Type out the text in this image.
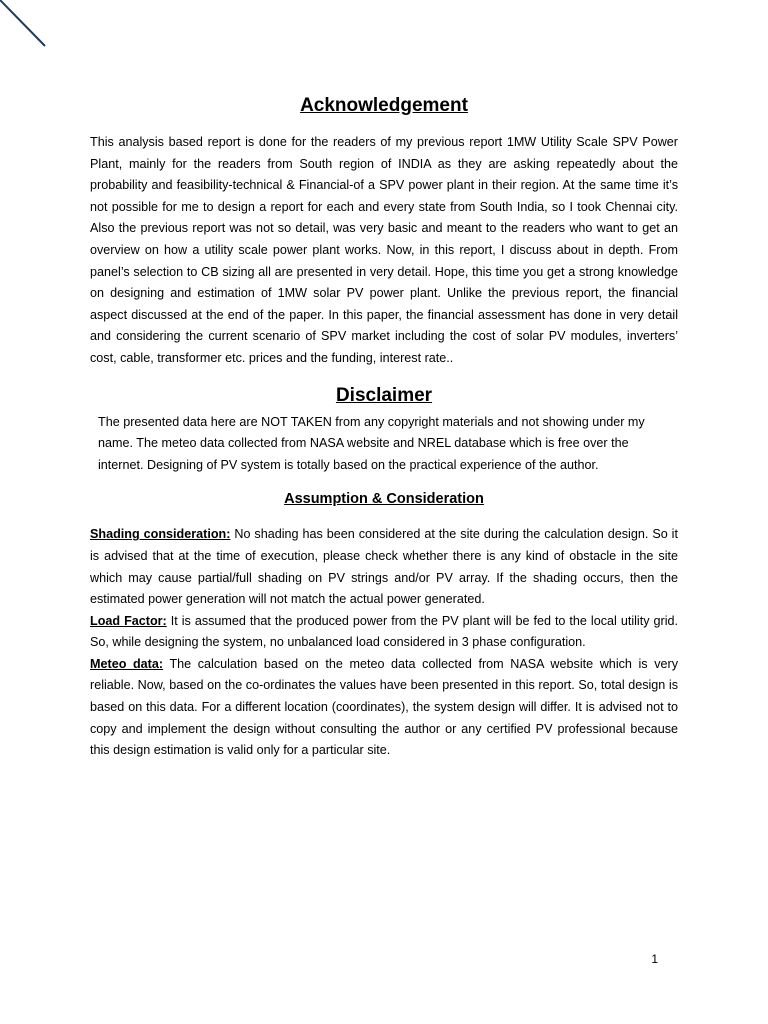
Acknowledgement

This analysis based report is done for the readers of my previous report 1MW Utility Scale SPV Power Plant, mainly for the readers from South region of INDIA as they are asking repeatedly about the probability and feasibility-technical & Financial-of a SPV power plant in their region. At the same time it’s not possible for me to design a report for each and every state from South India, so I took Chennai city. Also the previous report was not so detail, was very basic and meant to the readers who want to get an overview on how a utility scale power plant works. Now, in this report, I discuss about in depth. From panel’s selection to CB sizing all are presented in very detail. Hope, this time you get a strong knowledge on designing and estimation of 1MW solar PV power plant. Unlike the previous report, the financial aspect discussed at the end of the paper. In this paper, the financial assessment has done in very detail and considering the current scenario of SPV market including the cost of solar PV modules, inverters’ cost, cable, transformer etc. prices and the funding, interest rate..

Disclaimer

The presented data here are NOT TAKEN from any copyright materials and not showing under my name. The meteo data collected from NASA website and NREL database which is free over the internet. Designing of PV system is totally based on the practical experience of the author.

Assumption & Consideration

Shading consideration: No shading has been considered at the site during the calculation design. So it is advised that at the time of execution, please check whether there is any kind of obstacle in the site which may cause partial/full shading on PV strings and/or PV array. If the shading occurs, then the estimated power generation will not match the actual power generated.

Load Factor: It is assumed that the produced power from the PV plant will be fed to the local utility grid. So, while designing the system, no unbalanced load considered in 3 phase configuration.

Meteo data: The calculation based on the meteo data collected from NASA website which is very reliable. Now, based on the co-ordinates the values have been presented in this report. So, total design is based on this data. For a different location (coordinates), the system design will differ. It is advised not to copy and implement the design without consulting the author or any certified PV professional because this design estimation is valid only for a particular site.

1
